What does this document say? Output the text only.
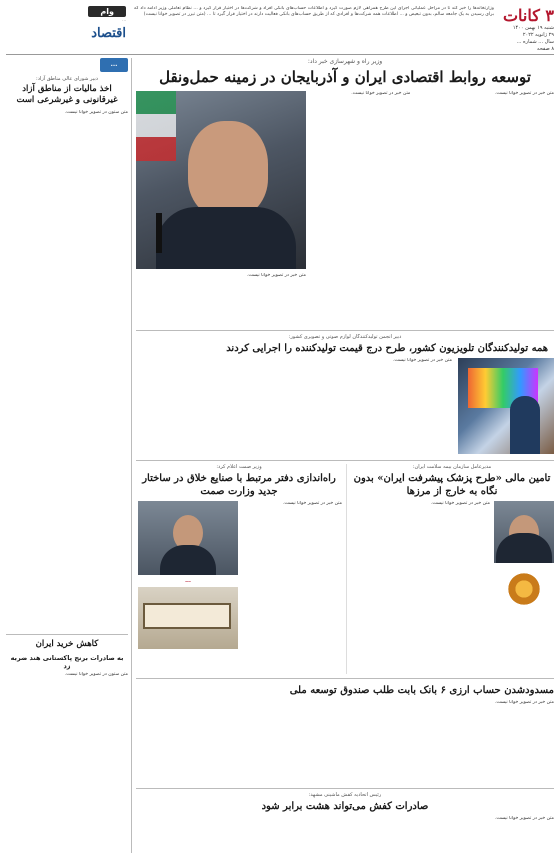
۳ کانات
شنبه ۱۹ بهمن ۱۴۰۰
۲۹ ژانویه ۲۰۲۲
سال ... شماره ...
۸ صفحه
وزارتخانه‌ها را خبر کند تا در مراحل عملیاتی اجرای این طرح همراهی لازم صورت گیرد و اطلاعات حساب‌های بانکی افراد و شرکت‌ها در اختیار قرار گیرد و ... نظام تعاملی وزیر ادامه داد که برای رسیدن به یک جامعه سالم، بدون تبعیض و ... اطلاعات همه شرکت‌ها و افرادی که از طریق حساب‌های بانکی فعالیت دارند در اختیار قرار گیرد تا ... (متن تیزر در تصویر خوانا نیست)
وام
...
اقتصاد
...
دبیر شورای عالی مناطق آزاد:
اخذ مالیات از مناطق آزاد غیرقانونی و غیرشرعی است
متن ستون در تصویر خوانا نیست.
کاهش خرید ایران
به صادرات برنج پاکستانی هند ضربه زد
متن ستون در تصویر خوانا نیست.
وزیر راه و شهرسازی خبر داد:
توسعه روابط اقتصادی ایران و آذربایجان در زمینه حمل‌ونقل
متن خبر در تصویر خوانا نیست.
متن خبر در تصویر خوانا نیست.
متن خبر در تصویر خوانا نیست.
دبیر انجمن تولیدکنندگان لوازم صوتی و تصویری کشور:
همه تولیدکنندگان تلویزیون کشور، طرح درج قیمت تولیدکننده را اجرایی کردند
متن خبر در تصویر خوانا نیست.
وزیر صمت اعلام کرد:
راه‌اندازی دفتر مرتبط با صنایع خلاق در ساختار جدید وزارت صمت
متن خبر در تصویر خوانا نیست.
...
مدیرعامل سازمان بیمه سلامت ایران:
تامین مالی «طرح پزشک پیشرفت ایران» بدون نگاه به خارج از مرزها
متن خبر در تصویر خوانا نیست.
مسدودشدن حساب ارزی ۶ بانک بابت طلب صندوق توسعه ملی
متن خبر در تصویر خوانا نیست.
رئیس اتحادیه کفش ماشینی مشهد:
صادرات کفش می‌تواند هشت برابر شود
متن خبر در تصویر خوانا نیست.
